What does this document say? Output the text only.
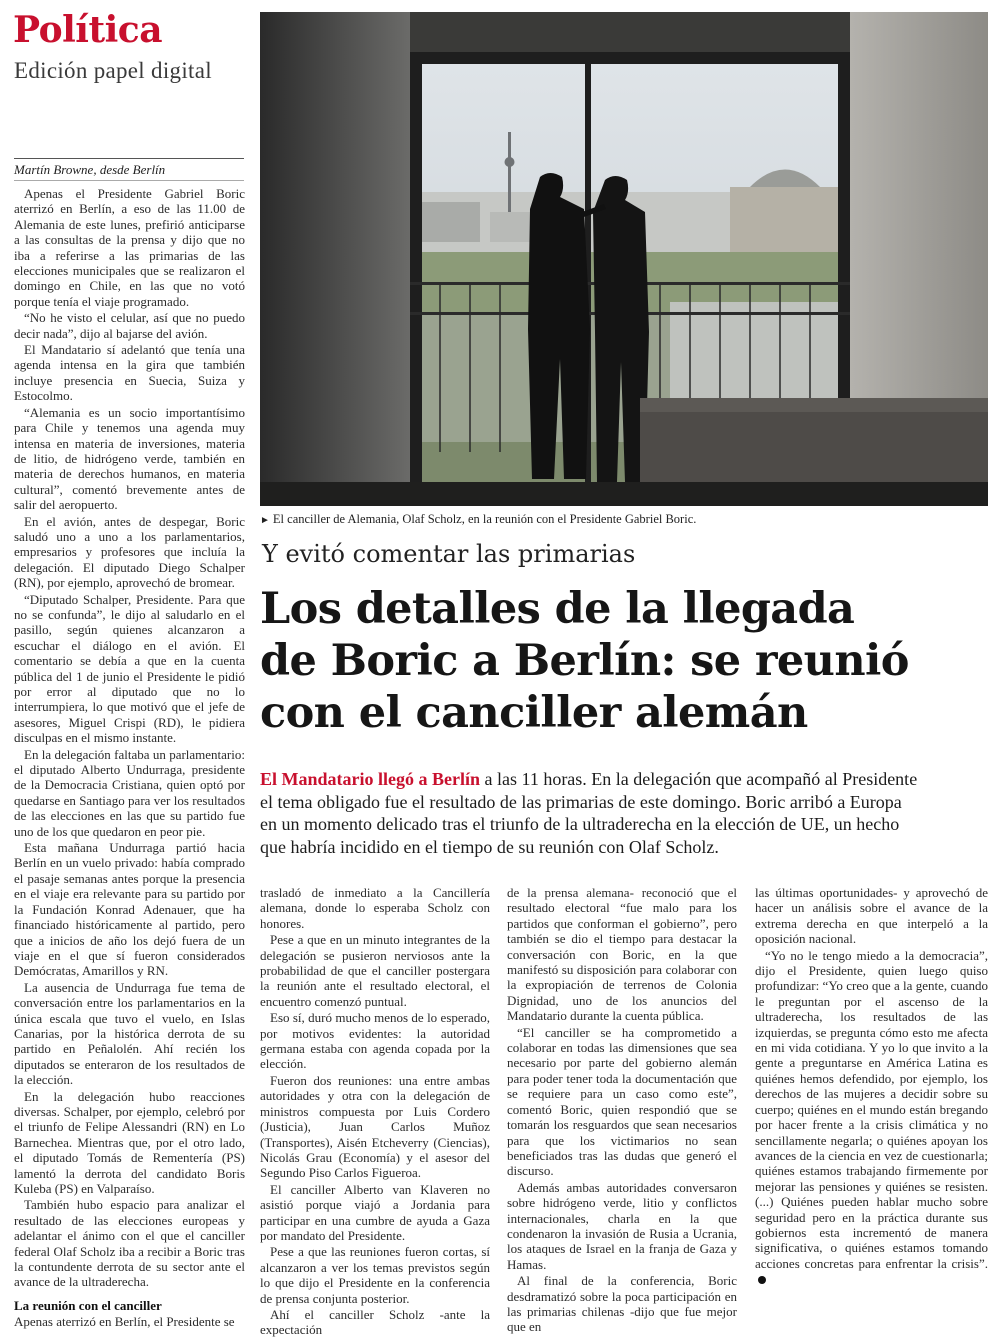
Política
Edición papel digital
Martín Browne, desde Berlín

Apenas el Presidente Gabriel Boric aterrizó en Berlín, a eso de las 11.00 de Alemania de este lunes, prefirió anticiparse a las consultas de la prensa y dijo que no iba a referirse a las primarias de las elecciones municipales que se realizaron el domingo en Chile, en las que no votó porque tenía el viaje programado.

“No he visto el celular, así que no puedo decir nada”, dijo al bajarse del avión.

El Mandatario sí adelantó que tenía una agenda intensa en la gira que también incluye presencia en Suecia, Suiza y Estocolmo.

“Alemania es un socio importantísimo para Chile y tenemos una agenda muy intensa en materia de inversiones, materia de litio, de hidrógeno verde, también en materia de derechos humanos, en materia cultural”, comentó brevemente antes de salir del aeropuerto.

En el avión, antes de despegar, Boric saludó uno a uno a los parlamentarios, empresarios y profesores que incluía la delegación. El diputado Diego Schalper (RN), por ejemplo, aprovechó de bromear.

“Diputado Schalper, Presidente. Para que no se confunda”, le dijo al saludarlo en el pasillo, según quienes alcanzaron a escuchar el diálogo en el avión. El comentario se debía a que en la cuenta pública del 1 de junio el Presidente le pidió por error al diputado que no lo interrumpiera, lo que motivó que el jefe de asesores, Miguel Crispi (RD), le pidiera disculpas en el mismo instante.

En la delegación faltaba un parlamentario: el diputado Alberto Undurraga, presidente de la Democracia Cristiana, quien optó por quedarse en Santiago para ver los resultados de las elecciones en las que su partido fue uno de los que quedaron en peor pie.

Esta mañana Undurraga partió hacia Berlín en un vuelo privado: había comprado el pasaje semanas antes porque la presencia en el viaje era relevante para su partido por la Fundación Konrad Adenauer, que ha financiado históricamente al partido, pero que a inicios de año los dejó fuera de un viaje en el que sí fueron considerados Demócratas, Amarillos y RN.

La ausencia de Undurraga fue tema de conversación entre los parlamentarios en la única escala que tuvo el vuelo, en Islas Canarias, por la histórica derrota de su partido en Peñalolén. Ahí recién los diputados se enteraron de los resultados de la elección.

En la delegación hubo reacciones diversas. Schalper, por ejemplo, celebró por el triunfo de Felipe Alessandri (RN) en Lo Barnechea. Mientras que, por el otro lado, el diputado Tomás de Rementería (PS) lamentó la derrota del candidato Boris Kuleba (PS) en Valparaíso.

También hubo espacio para analizar el resultado de las elecciones europeas y adelantar el ánimo con el que el canciller federal Olaf Scholz iba a recibir a Boric tras la contundente derrota de su sector ante el avance de la ultraderecha.

La reunión con el canciller

Apenas aterrizó en Berlín, el Presidente se

► El canciller de Alemania, Olaf Scholz, en la reunión con el Presidente Gabriel Boric.
Y evitó comentar las primarias
Los detalles de la llegada
de Boric a Berlín: se reunió
con el canciller alemán
El Mandatario llegó a Berlín a las 11 horas. En la delegación que acompañó al Presidente
el tema obligado fue el resultado de las primarias de este domingo. Boric arribó a Europa
en un momento delicado tras el triunfo de la ultraderecha en la elección de UE, un hecho
que habría incidido en el tiempo de su reunión con Olaf Scholz.

trasladó de inmediato a la Cancillería alemana, donde lo esperaba Scholz con honores.

Pese a que en un minuto integrantes de la delegación se pusieron nerviosos ante la probabilidad de que el canciller postergara la reunión ante el resultado electoral, el encuentro comenzó puntual.

Eso sí, duró mucho menos de lo esperado, por motivos evidentes: la autoridad germana estaba con agenda copada por la elección.

Fueron dos reuniones: una entre ambas autoridades y otra con la delegación de ministros compuesta por Luis Cordero (Justicia), Juan Carlos Muñoz (Transportes), Aisén Etcheverry (Ciencias), Nicolás Grau (Economía) y el asesor del Segundo Piso Carlos Figueroa.

El canciller Alberto van Klaveren no asistió porque viajó a Jordania para participar en una cumbre de ayuda a Gaza por mandato del Presidente.

Pese a que las reuniones fueron cortas, sí alcanzaron a ver los temas previstos según lo que dijo el Presidente en la conferencia de prensa conjunta posterior.

Ahí el canciller Scholz -ante la expectación

de la prensa alemana- reconoció que el resultado electoral “fue malo para los partidos que conforman el gobierno”, pero también se dio el tiempo para destacar la conversación con Boric, en la que manifestó su disposición para colaborar con la expropiación de terrenos de Colonia Dignidad, uno de los anuncios del Mandatario durante la cuenta pública.

“El canciller se ha comprometido a colaborar en todas las dimensiones que sea necesario por parte del gobierno alemán para poder tener toda la documentación que se requiere para un caso como este”, comentó Boric, quien respondió que se tomarán los resguardos que sean necesarios para que los victimarios no sean beneficiados tras las dudas que generó el discurso.

Además ambas autoridades conversaron sobre hidrógeno verde, litio y conflictos internacionales, charla en la que condenaron la invasión de Rusia a Ucrania, los ataques de Israel en la franja de Gaza y Hamas.

Al final de la conferencia, Boric desdramatizó sobre la poca participación en las primarias chilenas -dijo que fue mejor que en

las últimas oportunidades- y aprovechó de hacer un análisis sobre el avance de la extrema derecha en que interpeló a la oposición nacional.

“Yo no le tengo miedo a la democracia”, dijo el Presidente, quien luego quiso profundizar: “Yo creo que a la gente, cuando le preguntan por el ascenso de la ultraderecha, los resultados de las izquierdas, se pregunta cómo esto me afecta en mi vida cotidiana. Y yo lo que invito a la gente a preguntarse en América Latina es quiénes hemos defendido, por ejemplo, los derechos de las mujeres a decidir sobre su cuerpo; quiénes en el mundo están bregando por hacer frente a la crisis climática y no sencillamente negarla; o quiénes apoyan los avances de la ciencia en vez de cuestionarla; quiénes estamos trabajando firmemente por mejorar las pensiones y quiénes se resisten. (...) Quiénes pueden hablar mucho sobre seguridad pero en la práctica durante sus gobiernos esta incrementó de manera significativa, o quiénes estamos tomando acciones concretas para enfrentar la crisis”.
